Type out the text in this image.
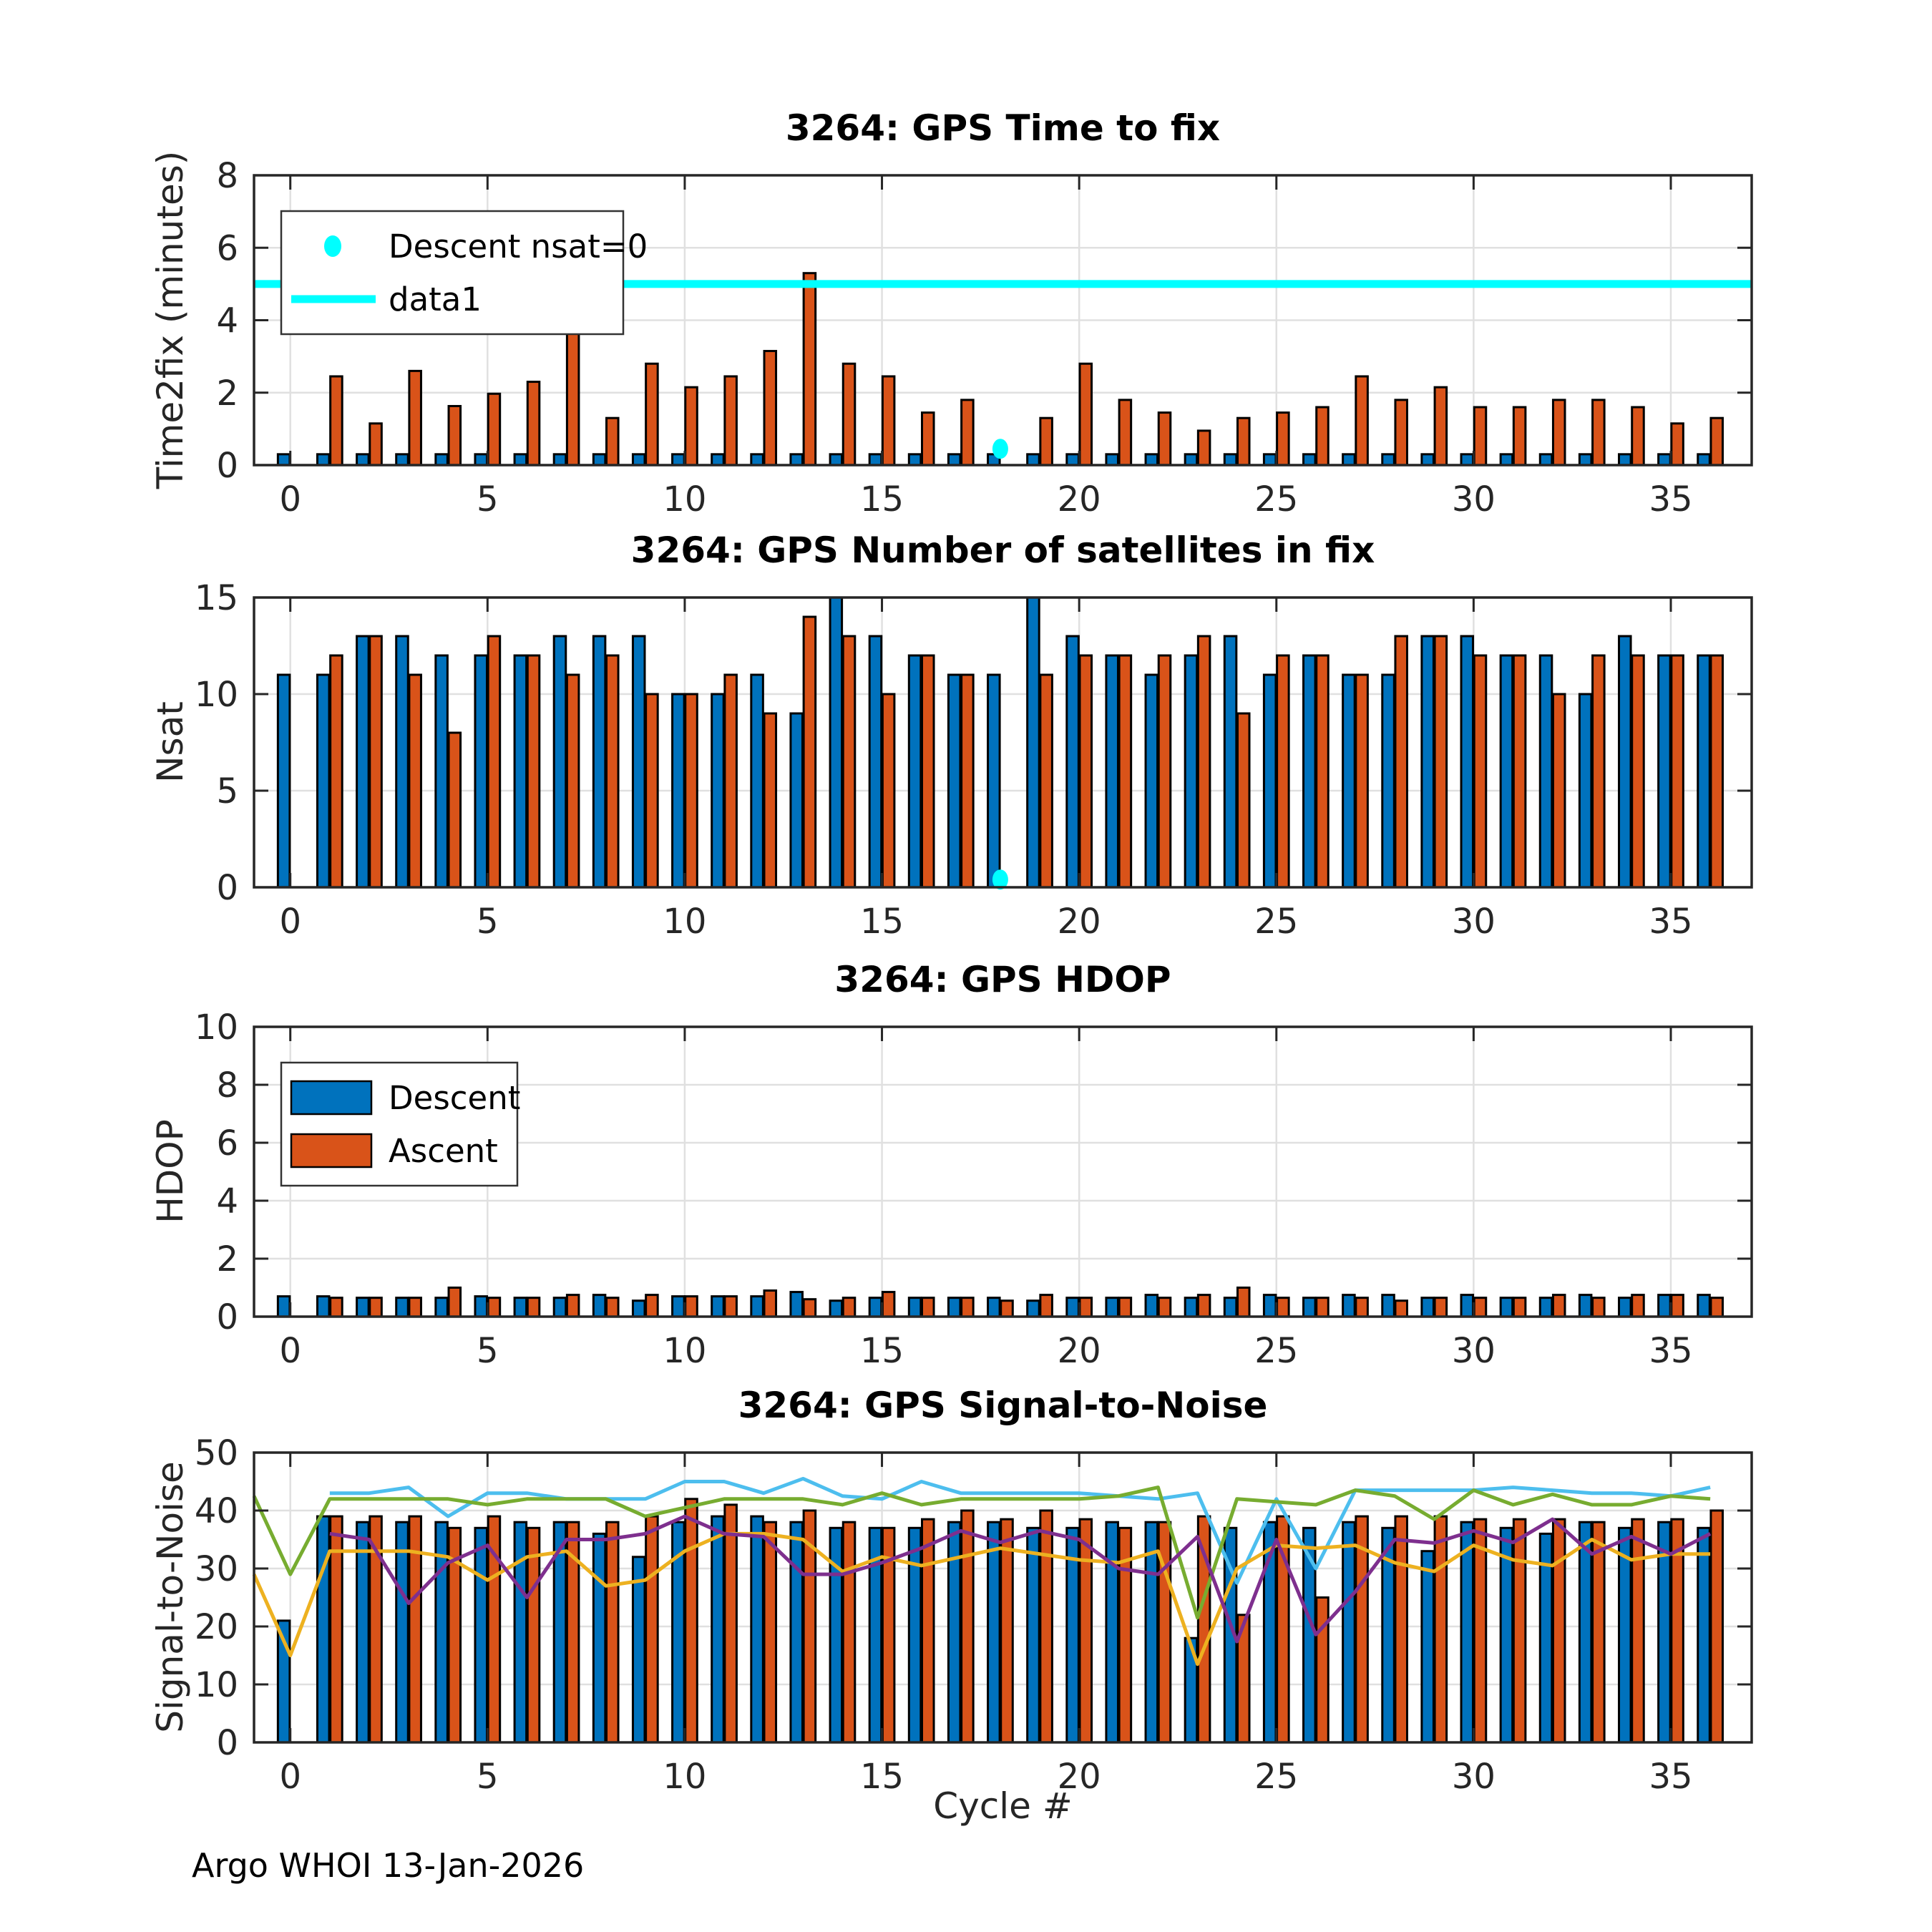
0	5	10	15	20	25	30	35
0
2
4
6
8
Descent nsat=0
data1
0	5	10	15	20	25	30	35
0
5
10
15
0	5	10	15	20	25	30	35
0
2
4
6
8
10
Descent
Ascent
0	5	10	15	20	25	30	35
0
10
20
30
40
50
3264: GPS Time to fix
3264: GPS Number of satellites in fix
3264: GPS HDOP
3264: GPS Signal-to-Noise
Time2fix (minutes)
Nsat
HDOP
Signal-to-Noise
Cycle #
Argo WHOI 13-Jan-2026
